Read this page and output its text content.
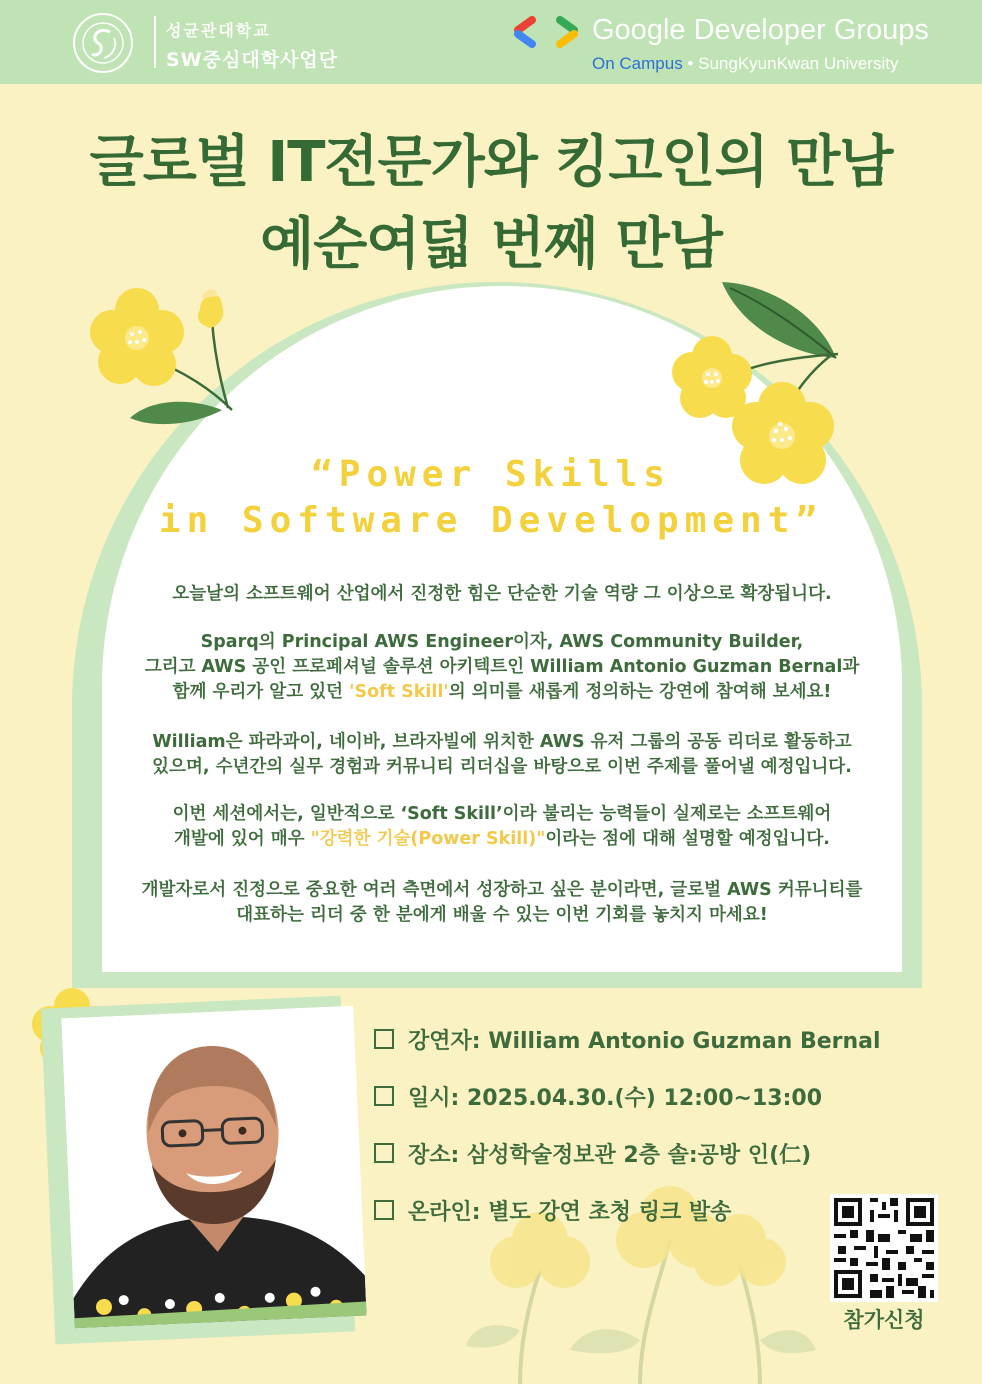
성균관대학교
SW중심대학사업단
Google Developer Groups
On Campus • SungKyunKwan University
글로벌 IT전문가와 킹고인의 만남
예순여덟 번째 만남
“Power Skills
in Software Development”
오늘날의 소프트웨어 산업에서 진정한 힘은 단순한 기술 역량 그 이상으로 확장됩니다.
Sparq의 Principal AWS Engineer이자, AWS Community Builder,
그리고 AWS 공인 프로페셔널 솔루션 아키텍트인 William Antonio Guzman Bernal과
함께 우리가 알고 있던 'Soft Skill'의 의미를 새롭게 정의하는 강연에 참여해 보세요!
William은 파라과이, 네이바, 브라자빌에 위치한 AWS 유저 그룹의 공동 리더로 활동하고
있으며, 수년간의 실무 경험과 커뮤니티 리더십을 바탕으로 이번 주제를 풀어낼 예정입니다.
이번 세션에서는, 일반적으로 ‘Soft Skill’이라 불리는 능력들이 실제로는 소프트웨어
개발에 있어 매우 "강력한 기술(Power Skill)"이라는 점에 대해 설명할 예정입니다.
개발자로서 진정으로 중요한 여러 측면에서 성장하고 싶은 분이라면, 글로벌 AWS 커뮤니티를
대표하는 리더 중 한 분에게 배울 수 있는 이번 기회를 놓치지 마세요!
강연자: William Antonio Guzman Bernal
일시: 2025.04.30.(수) 12:00~13:00
장소: 삼성학술정보관 2층 솔:공방 인(仁)
온라인: 별도 강연 초청 링크 발송
참가신청
